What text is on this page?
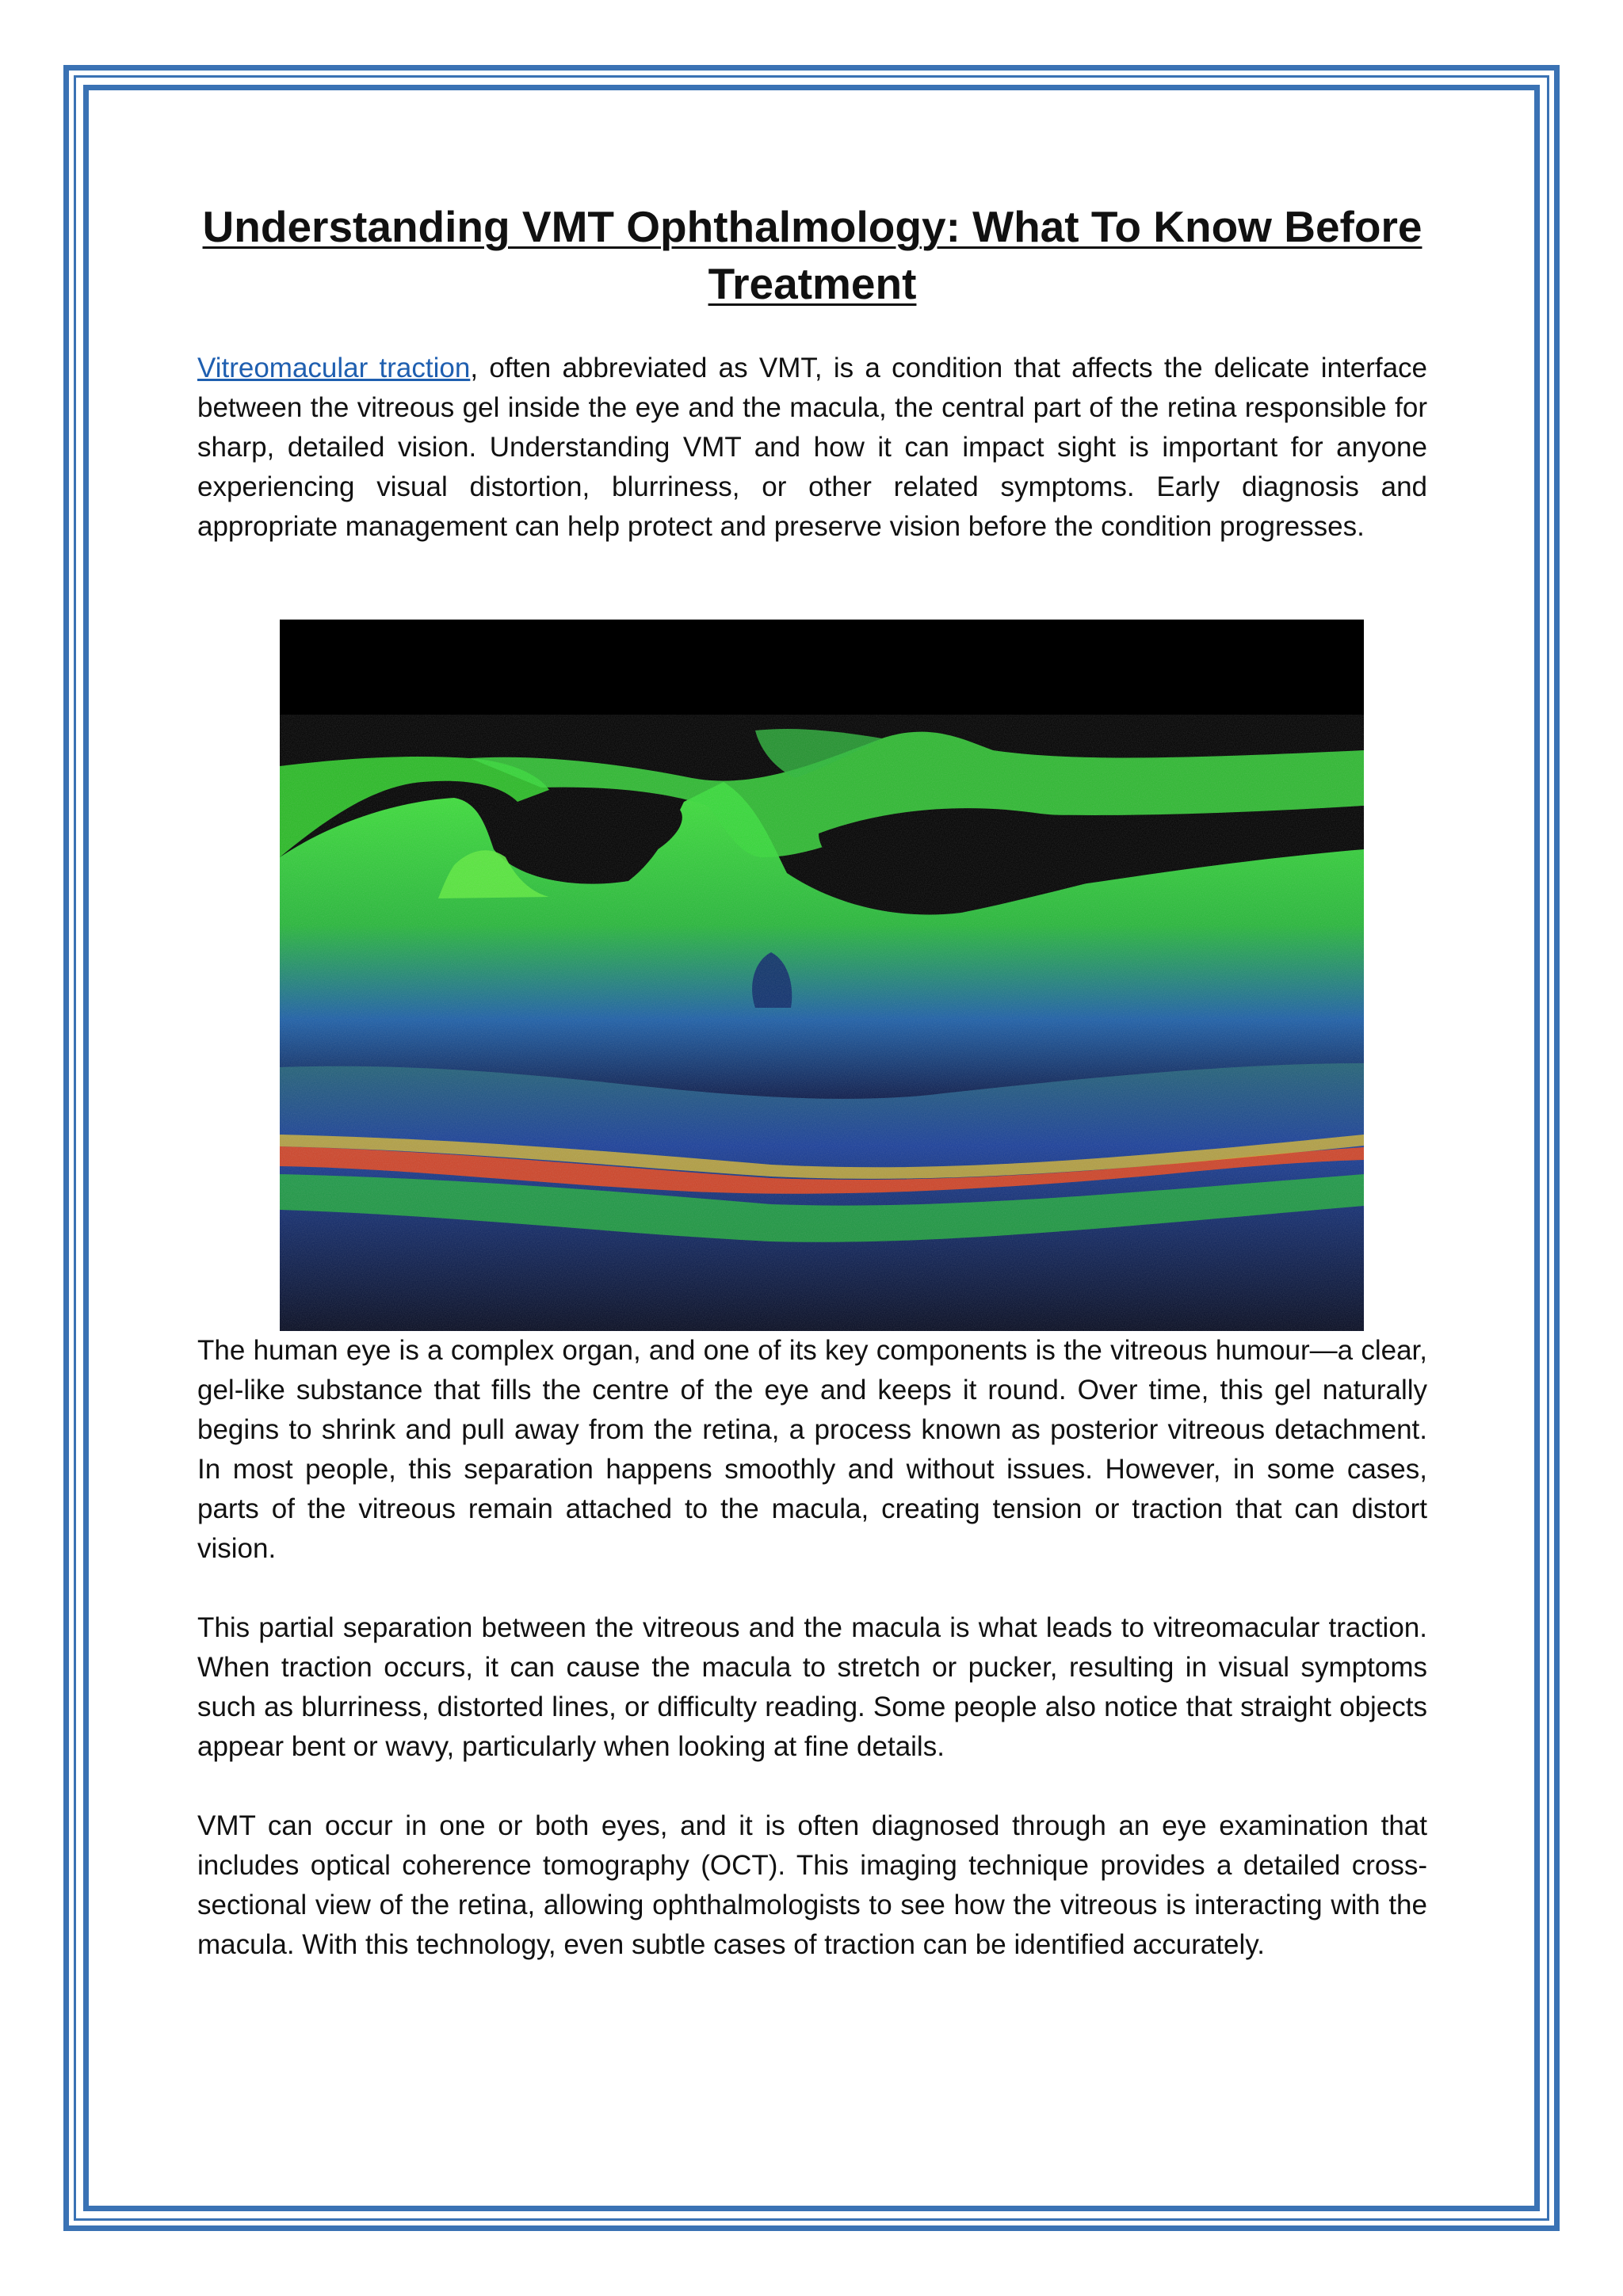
Understanding VMT Ophthalmology: What To Know Before Treatment

Vitreomacular traction, often abbreviated as VMT, is a condition that affects the delicate interface between the vitreous gel inside the eye and the macula, the central part of the retina responsible for sharp, detailed vision. Understanding VMT and how it can impact sight is important for anyone experiencing visual distortion, blurriness, or other related symptoms. Early diagnosis and appropriate management can help protect and preserve vision before the condition progresses.

The human eye is a complex organ, and one of its key components is the vitreous humour—a clear, gel-like substance that fills the centre of the eye and keeps it round. Over time, this gel naturally begins to shrink and pull away from the retina, a process known as posterior vitreous detachment. In most people, this separation happens smoothly and without issues. However, in some cases, parts of the vitreous remain attached to the macula, creating tension or traction that can distort vision.

This partial separation between the vitreous and the macula is what leads to vitreomacular traction. When traction occurs, it can cause the macula to stretch or pucker, resulting in visual symptoms such as blurriness, distorted lines, or difficulty reading. Some people also notice that straight objects appear bent or wavy, particularly when looking at fine details.

VMT can occur in one or both eyes, and it is often diagnosed through an eye examination that includes optical coherence tomography (OCT). This imaging technique provides a detailed cross-sectional view of the retina, allowing ophthalmologists to see how the vitreous is interacting with the macula. With this technology, even subtle cases of traction can be identified accurately.
